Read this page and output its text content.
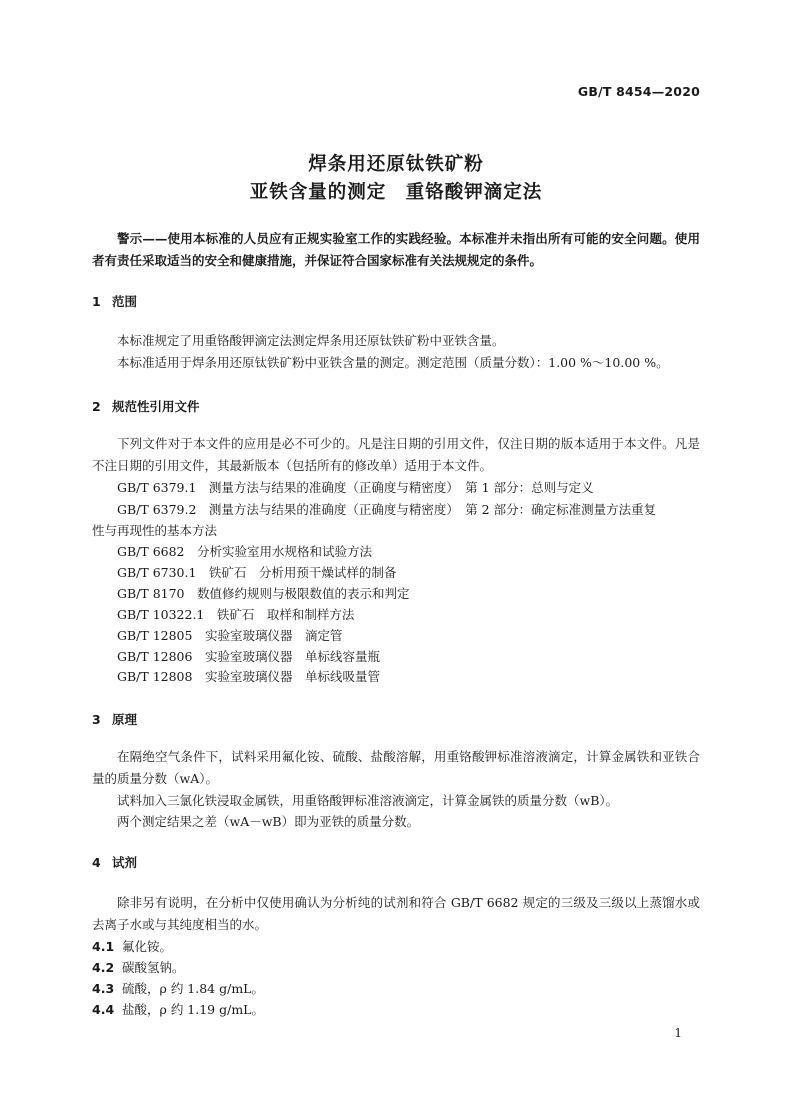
GB/T 8454—2020
焊条用还原钛铁矿粉
亚铁含量的测定　重铬酸钾滴定法
警示——使用本标准的人员应有正规实验室工作的实践经验。本标准并未指出所有可能的安全问题。使用者有责任采取适当的安全和健康措施，并保证符合国家标准有关法规规定的条件。
1 范围
本标准规定了用重铬酸钾滴定法测定焊条用还原钛铁矿粉中亚铁含量。
本标准适用于焊条用还原钛铁矿粉中亚铁含量的测定。测定范围（质量分数）：1.00 %～10.00 %。
2 规范性引用文件
下列文件对于本文件的应用是必不可少的。凡是注日期的引用文件，仅注日期的版本适用于本文件。凡是不注日期的引用文件，其最新版本（包括所有的修改单）适用于本文件。
GB/T 6379.1　测量方法与结果的准确度（正确度与精密度）　第 1 部分：总则与定义
GB/T 6379.2　测量方法与结果的准确度（正确度与精密度）　第 2 部分：确定标准测量方法重复
性与再现性的基本方法
GB/T 6682　分析实验室用水规格和试验方法
GB/T 6730.1　铁矿石　分析用预干燥试样的制备
GB/T 8170　数值修约规则与极限数值的表示和判定
GB/T 10322.1　铁矿石　取样和制样方法
GB/T 12805　实验室玻璃仪器　滴定管
GB/T 12806　实验室玻璃仪器　单标线容量瓶
GB/T 12808　实验室玻璃仪器　单标线吸量管
3 原理
在隔绝空气条件下，试料采用氟化铵、硫酸、盐酸溶解，用重铬酸钾标准溶液滴定，计算金属铁和亚铁合量的质量分数（wA）。
试料加入三氯化铁浸取金属铁，用重铬酸钾标准溶液滴定，计算金属铁的质量分数（wB）。
两个测定结果之差（wA－wB）即为亚铁的质量分数。
4 试剂
除非另有说明，在分析中仅使用确认为分析纯的试剂和符合 GB/T 6682 规定的三级及三级以上蒸馏水或去离子水或与其纯度相当的水。
4.1 氟化铵。
4.2 碳酸氢钠。
4.3 硫酸，ρ 约 1.84 g/mL。
4.4 盐酸，ρ 约 1.19 g/mL。
1
